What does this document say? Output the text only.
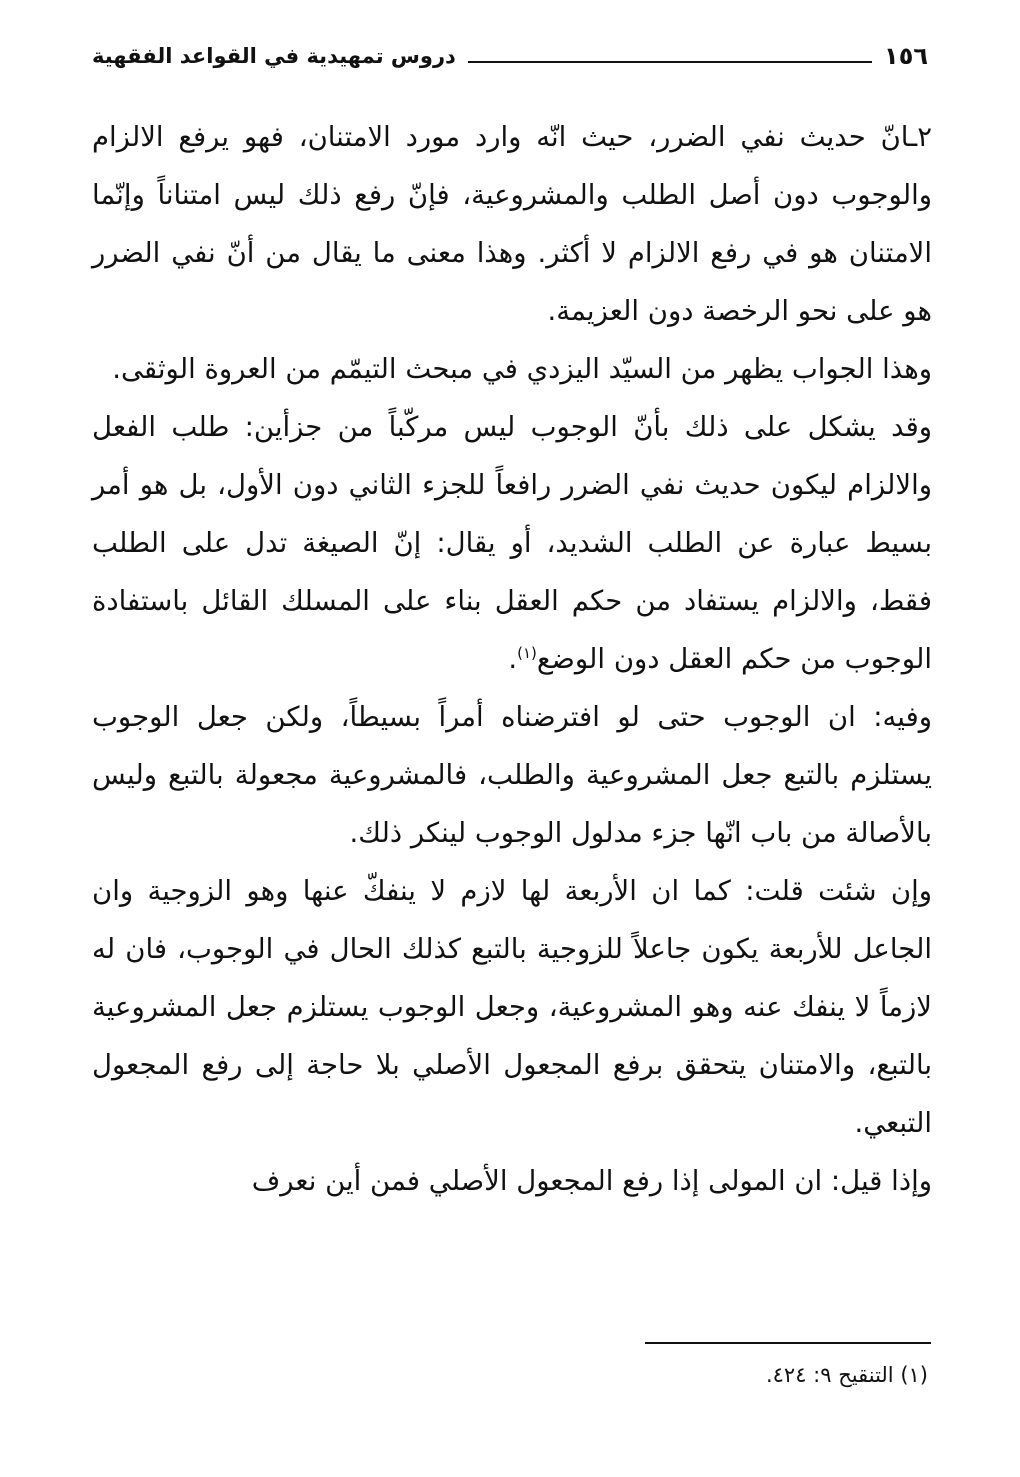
١٥٦
دروس تمهيدية في القواعد الفقهية

٢ـانّ حديث نفي الضرر، حيث انّه وارد مورد الامتنان، فهو يرفع الالزام والوجوب دون أصل الطلب والمشروعية، فإنّ رفع ذلك ليس امتناناً وإنّما الامتنان هو في رفع الالزام لا أكثر. وهذا معنى ما يقال من أنّ نفي الضرر هو على نحو الرخصة دون العزيمة.

وهذا الجواب يظهر من السيّد اليزدي في مبحث التيمّم من العروة الوثقى.

وقد يشكل على ذلك بأنّ الوجوب ليس مركّباً من جزأين: طلب الفعل والالزام ليكون حديث نفي الضرر رافعاً للجزء الثاني دون الأول، بل هو أمر بسيط عبارة عن الطلب الشديد، أو يقال: إنّ الصيغة تدل على الطلب فقط، والالزام يستفاد من حكم العقل بناء على المسلك القائل باستفادة الوجوب من حكم العقل دون الوضع$^{(١)}$.

وفيه: ان الوجوب حتى لو افترضناه أمراً بسيطاً، ولكن جعل الوجوب يستلزم بالتبع جعل المشروعية والطلب، فالمشروعية مجعولة بالتبع وليس بالأصالة من باب انّها جزء مدلول الوجوب لينكر ذلك.

وإن شئت قلت: كما ان الأربعة لها لازم لا ينفكّ عنها وهو الزوجية وان الجاعل للأربعة يكون جاعلاً للزوجية بالتبع كذلك الحال في الوجوب، فان له لازماً لا ينفك عنه وهو المشروعية، وجعل الوجوب يستلزم جعل المشروعية بالتبع، والامتنان يتحقق برفع المجعول الأصلي بلا حاجة إلى رفع المجعول التبعي.

وإذا قيل: ان المولى إذا رفع المجعول الأصلي فمن أين نعرف

(١) التنقيح ٩: ٤٢٤.
